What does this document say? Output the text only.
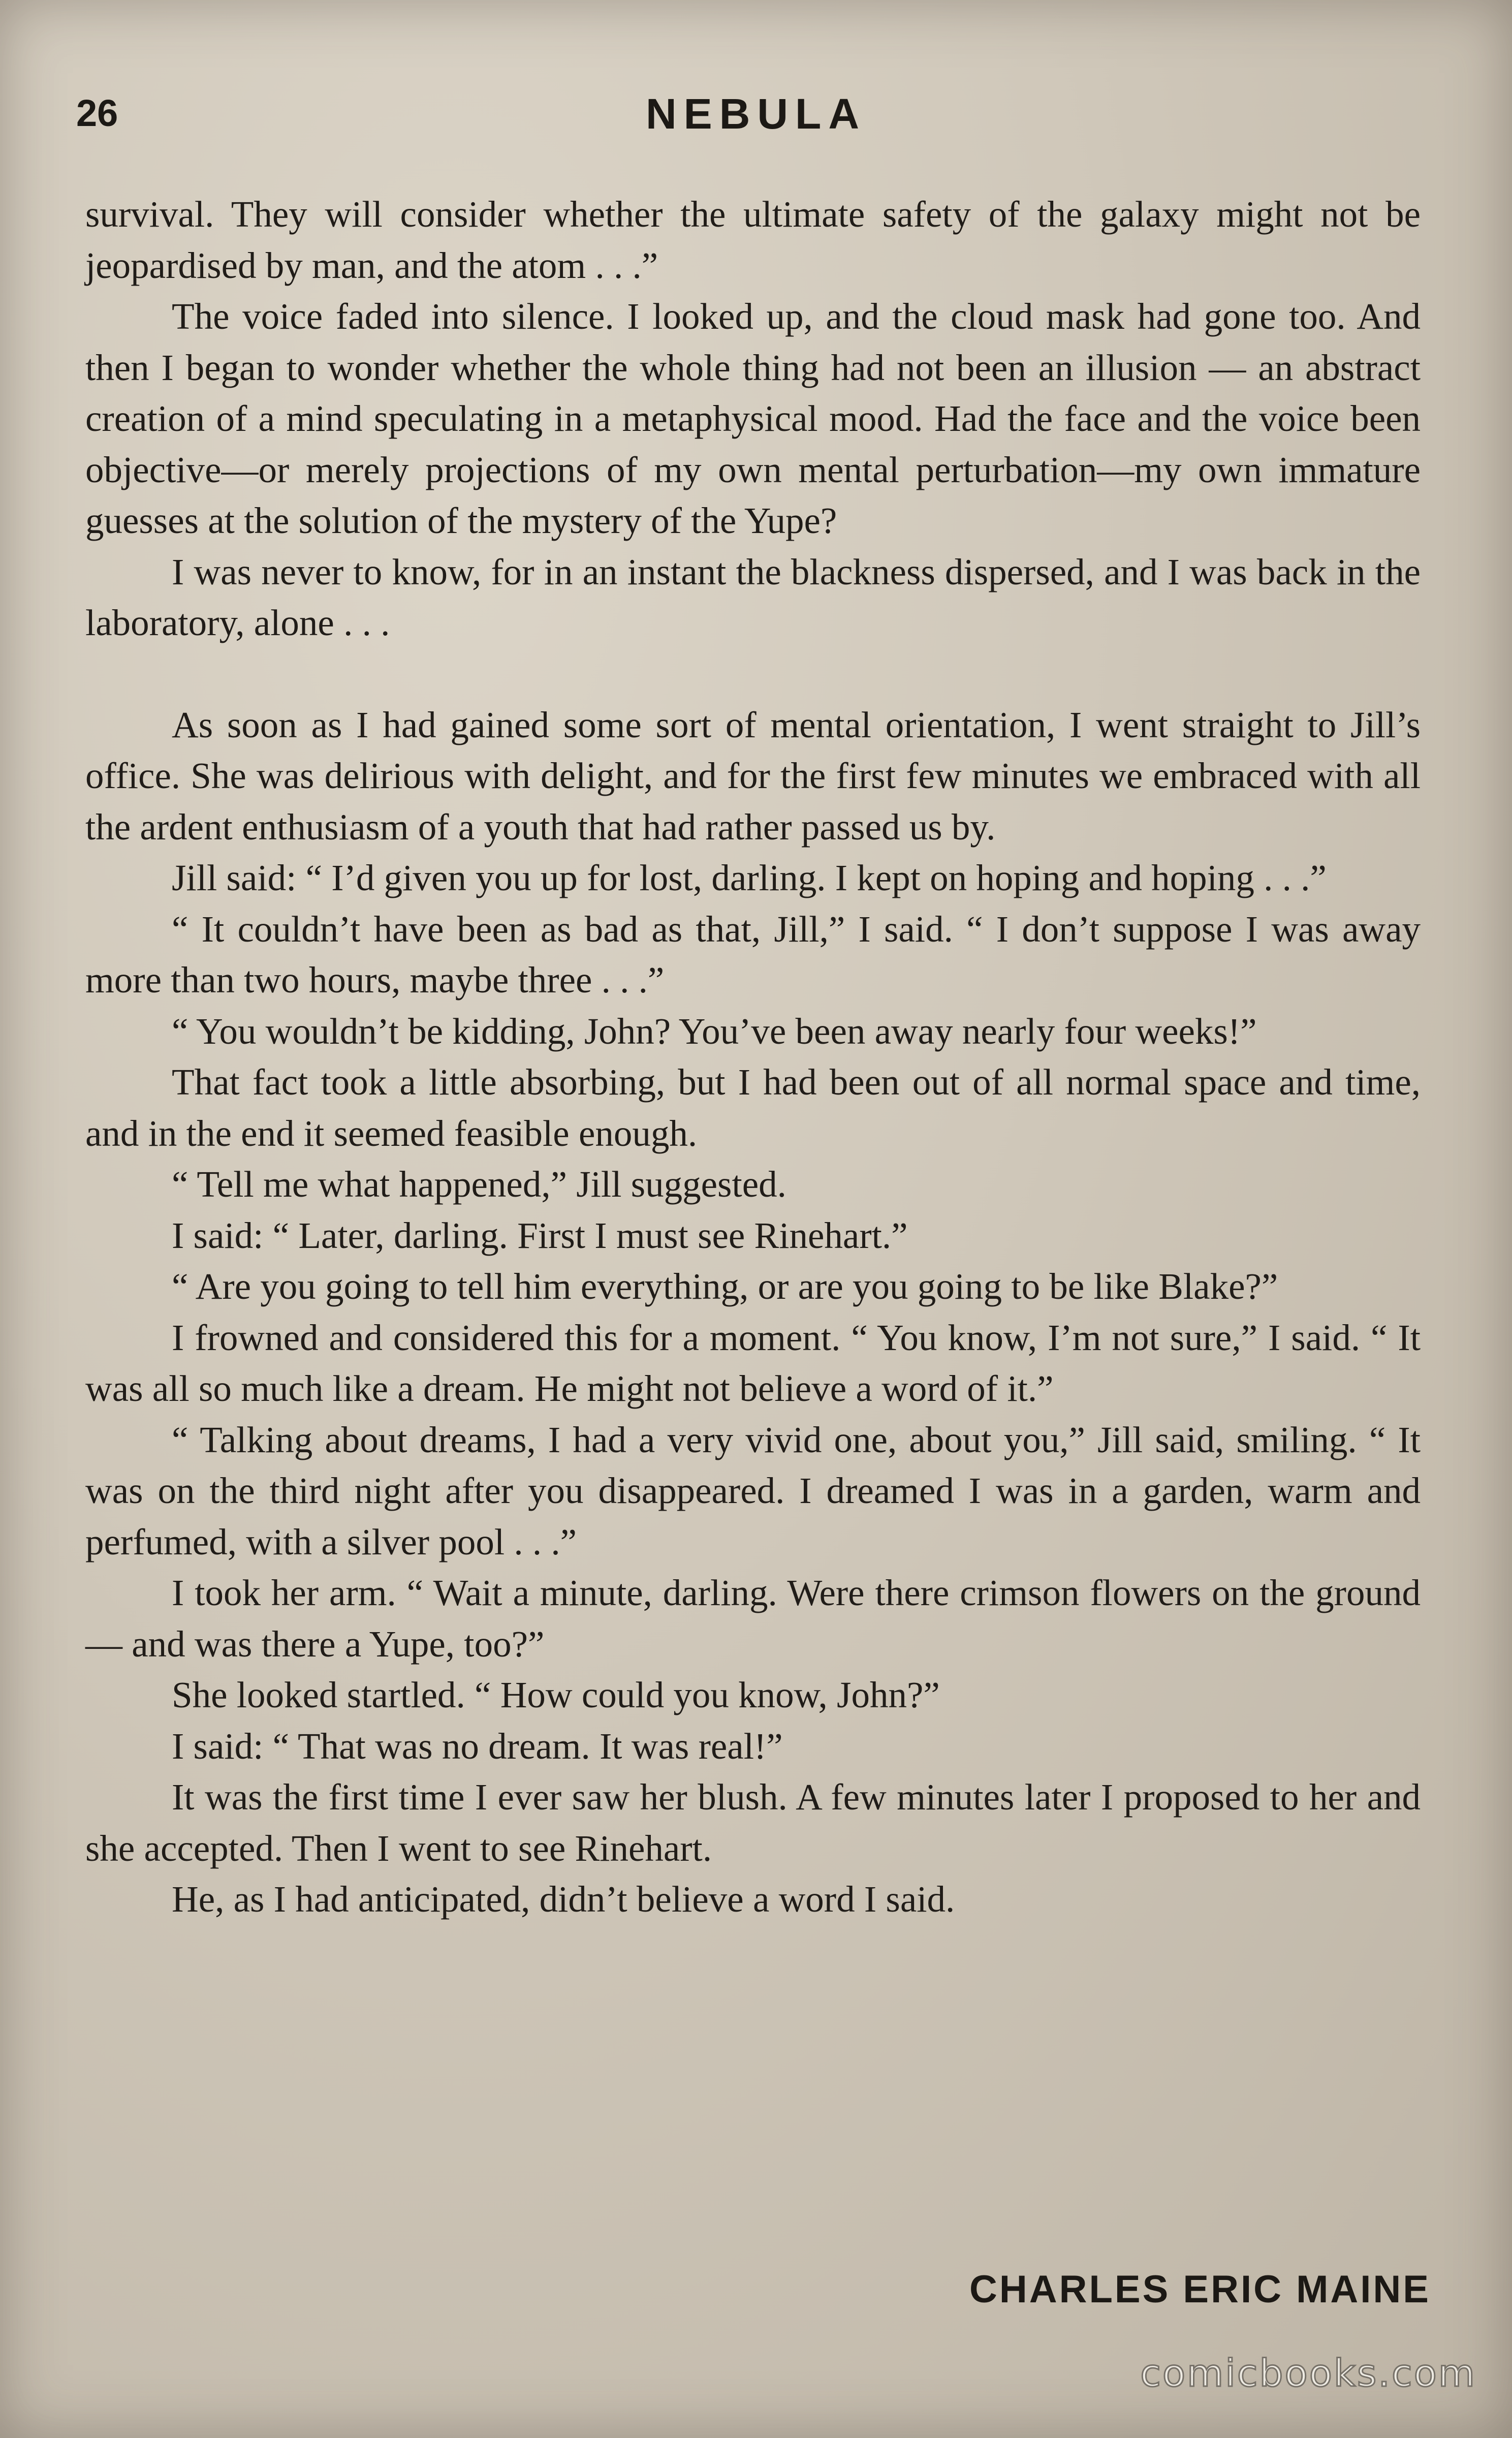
26	NEBULA

survival. They will consider whether the ultimate safety of the galaxy might not be jeopardised by man, and the atom . . .”

The voice faded into silence. I looked up, and the cloud mask had gone too. And then I began to wonder whether the whole thing had not been an illusion — an abstract creation of a mind speculating in a metaphysical mood. Had the face and the voice been objective—or merely projections of my own mental perturbation—my own immature guesses at the solution of the mystery of the Yupe?

I was never to know, for in an instant the blackness dispersed, and I was back in the laboratory, alone . . .

As soon as I had gained some sort of mental orientation, I went straight to Jill’s office. She was delirious with delight, and for the first few minutes we embraced with all the ardent enthusiasm of a youth that had rather passed us by.

Jill said: “ I’d given you up for lost, darling. I kept on hoping and hoping . . .”

“ It couldn’t have been as bad as that, Jill,” I said. “ I don’t suppose I was away more than two hours, maybe three . . .”

“ You wouldn’t be kidding, John? You’ve been away nearly four weeks!”

That fact took a little absorbing, but I had been out of all normal space and time, and in the end it seemed feasible enough.

“ Tell me what happened,” Jill suggested.

I said: “ Later, darling. First I must see Rinehart.”

“ Are you going to tell him everything, or are you going to be like Blake?”

I frowned and considered this for a moment. “ You know, I’m not sure,” I said. “ It was all so much like a dream. He might not believe a word of it.”

“ Talking about dreams, I had a very vivid one, about you,” Jill said, smiling. “ It was on the third night after you disappeared. I dreamed I was in a garden, warm and perfumed, with a silver pool . . .”

I took her arm. “ Wait a minute, darling. Were there crimson flowers on the ground — and was there a Yupe, too?”

She looked startled. “ How could you know, John?”

I said: “ That was no dream. It was real!”

It was the first time I ever saw her blush. A few minutes later I proposed to her and she accepted. Then I went to see Rinehart.

He, as I had anticipated, didn’t believe a word I said.

CHARLES ERIC MAINE
comicbooks.com
